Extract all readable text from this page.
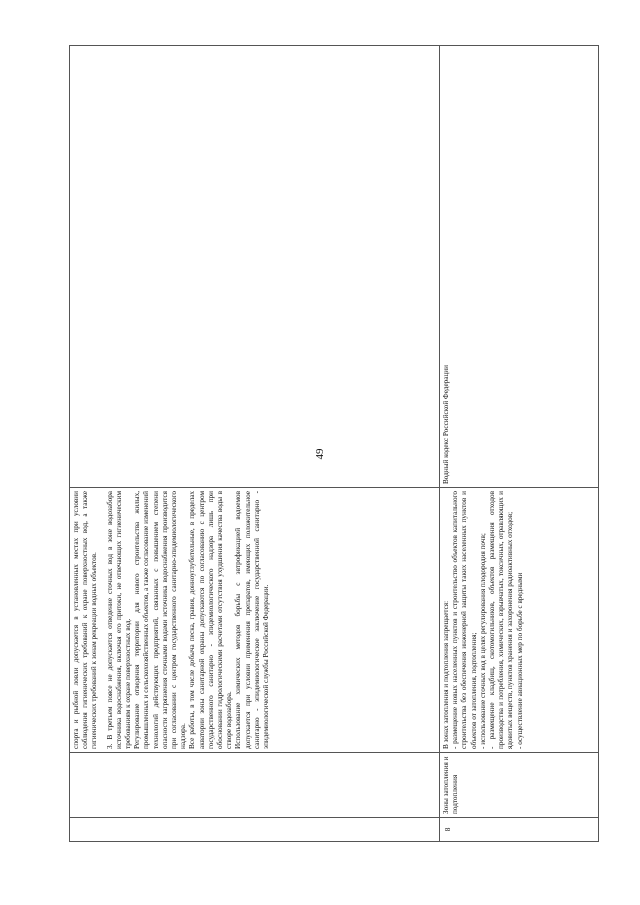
49

		спорта и рыбной ловли допускается в установленных местах при условии соблюдения гигиенических требований к охране поверхностных вод, а также гигиенических требований к зонам рекреации водных объектов. 3. В третьем поясе не допускается отведение сточных вод в зоне водозабора источника водоснабжения, включая его притоки, не отвечающих гигиеническим требованиям к охране поверхностных вод. Регулирование отведения территории для нового строительства жилых, промышленных и сельскохозяйственных объектов, а также согласование изменений технологий действующих предприятий, связанных с повышением степени опасности загрязнения сточными водами источника водоснабжения производится при согласовании с центром государственного санитарно-эпидемиологического надзора. Все работы, в том числе добыча песка, гравия, донноуглубительные, в пределах акватории зоны санитарной охраны допускаются по согласованию с центром государственного санитарно - эпидемиологического надзора лишь при обосновании гидрологическими расчетами отсутствия ухудшения качества воды в створе водозабора. Использование химических методов борьбы с эвтрофикацией водоемов допускается при условии применения препаратов, имеющих положительное санитарно - эпидемиологическое заключение государственной санитарно - эпидемиологической службы Российской Федерации.	

8	Зоны затопления и подтопления	В зонах затопления и подтопления запрещается: - размещение новых населенных пунктов и строительство объектов капитального строительства без обеспечения инженерной защиты таких населенных пунктов и объектов от затопления, подтопления; - использование сточных вод в целях регулирования плодородия почв; - размещение кладбищ, скотомогильников, объектов размещения отходов производства и потребления, химических, взрывчатых, токсичных, отравляющих и ядовитых веществ, пунктов хранения и захоронения радиоактивных отходов; - осуществление авиационных мер по борьбе с вредными	Водный кодекс Российской Федерации
